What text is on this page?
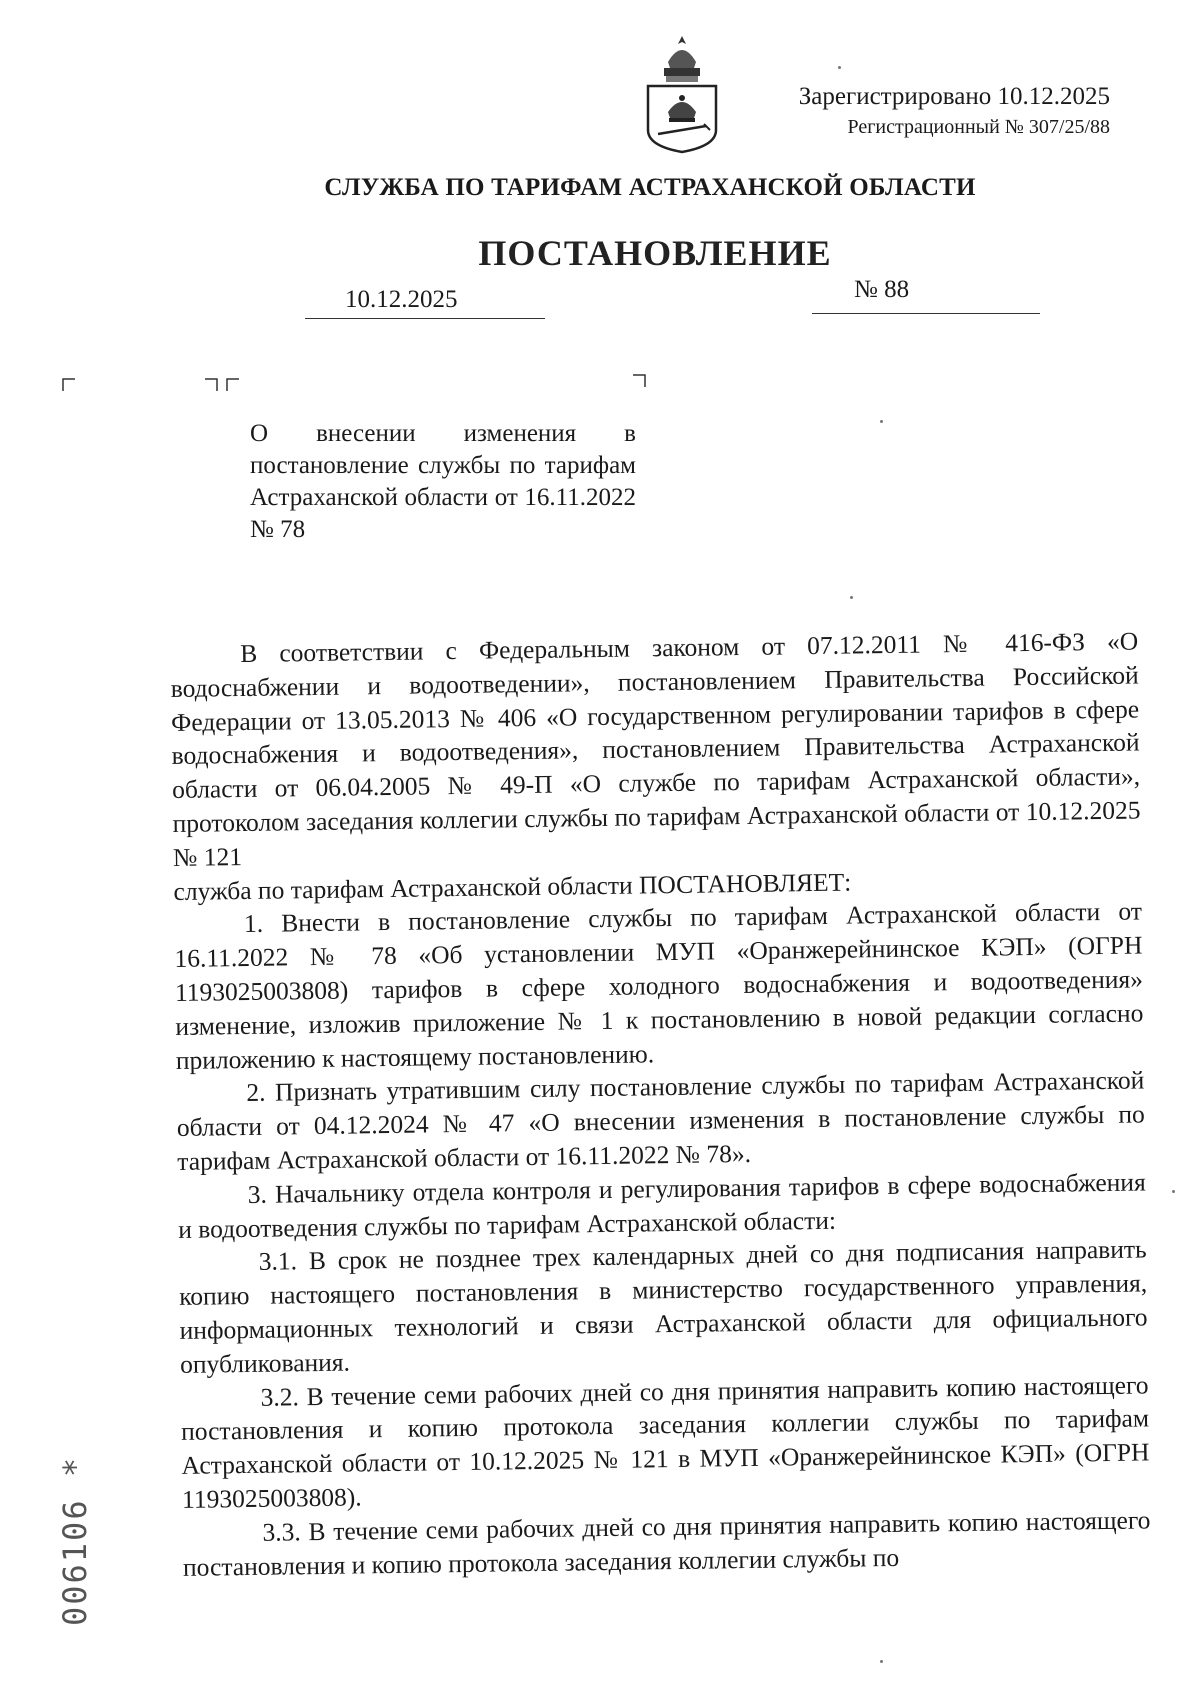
Зарегистрировано 10.12.2025
Регистрационный № 307/25/88
СЛУЖБА ПО ТАРИФАМ АСТРАХАНСКОЙ ОБЛАСТИ
ПОСТАНОВЛЕНИЕ
10.12.2025	№ 88
О внесении изменения в постановление службы по тарифам Астраханской области от 16.11.2022 № 78

В соответствии с Федеральным законом от 07.12.2011 № 416-ФЗ «О водоснабжении и водоотведении», постановлением Правительства Российской Федерации от 13.05.2013 № 406 «О государственном регулировании тарифов в сфере водоснабжения и водоотведения», постановлением Правительства Астраханской области от 06.04.2005 № 49-П «О службе по тарифам Астраханской области», протоколом заседания коллегии службы по тарифам Астраханской области от 10.12.2025 № 121

служба по тарифам Астраханской области ПОСТАНОВЛЯЕТ:

1. Внести в постановление службы по тарифам Астраханской области от 16.11.2022 № 78 «Об установлении МУП «Оранжерейнинское КЭП» (ОГРН 1193025003808) тарифов в сфере холодного водоснабжения и водоотведения» изменение, изложив приложение № 1 к постановлению в новой редакции согласно приложению к настоящему постановлению.

2. Признать утратившим силу постановление службы по тарифам Астраханской области от 04.12.2024 № 47 «О внесении изменения в постановление службы по тарифам Астраханской области от 16.11.2022 № 78».

3. Начальнику отдела контроля и регулирования тарифов в сфере водоснабжения и водоотведения службы по тарифам Астраханской области:

3.1. В срок не позднее трех календарных дней со дня подписания направить копию настоящего постановления в министерство государственного управления, информационных технологий и связи Астраханской области для официального опубликования.

3.2. В течение семи рабочих дней со дня принятия направить копию настоящего постановления и копию протокола заседания коллегии службы по тарифам Астраханской области от 10.12.2025 № 121 в МУП «Оранжерейнинское КЭП» (ОГРН 1193025003808).

3.3. В течение семи рабочих дней со дня принятия направить копию настоящего постановления и копию протокола заседания коллегии службы по

006106 *
